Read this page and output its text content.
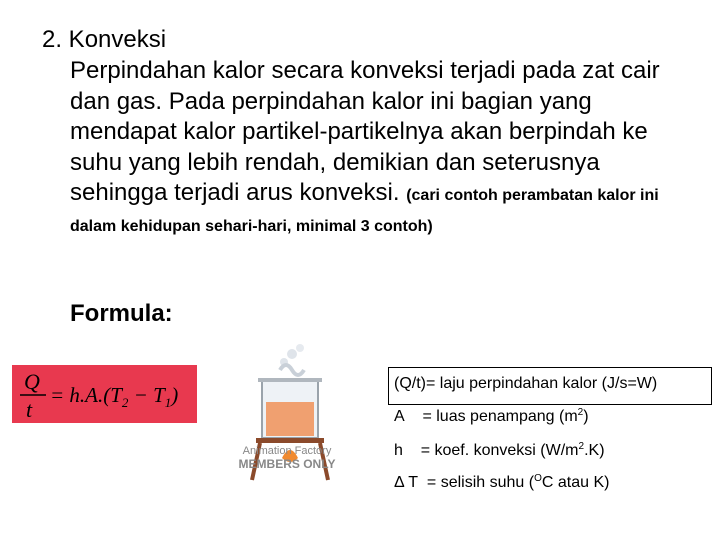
2. Konveksi
Perpindahan kalor secara konveksi terjadi pada zat cair dan gas. Pada perpindahan kalor ini bagian yang mendapat kalor partikel-partikelnya akan berpindah ke suhu yang lebih rendah, demikian dan seterusnya sehingga terjadi arus konveksi. (cari contoh perambatan kalor ini dalam kehidupan sehari-hari, minimal 3 contoh)
Formula:
Q
t
= $h.A.(T_2 - T_1)$
Animation Factory
MEMBERS ONLY
(Q/t)= laju perpindahan kalor (J/s=W)
A = luas penampang $(m^2)$
h = koef. konveksi $(W/m^2.K)$
Δ T = selisih suhu ($^O$C atau K)
